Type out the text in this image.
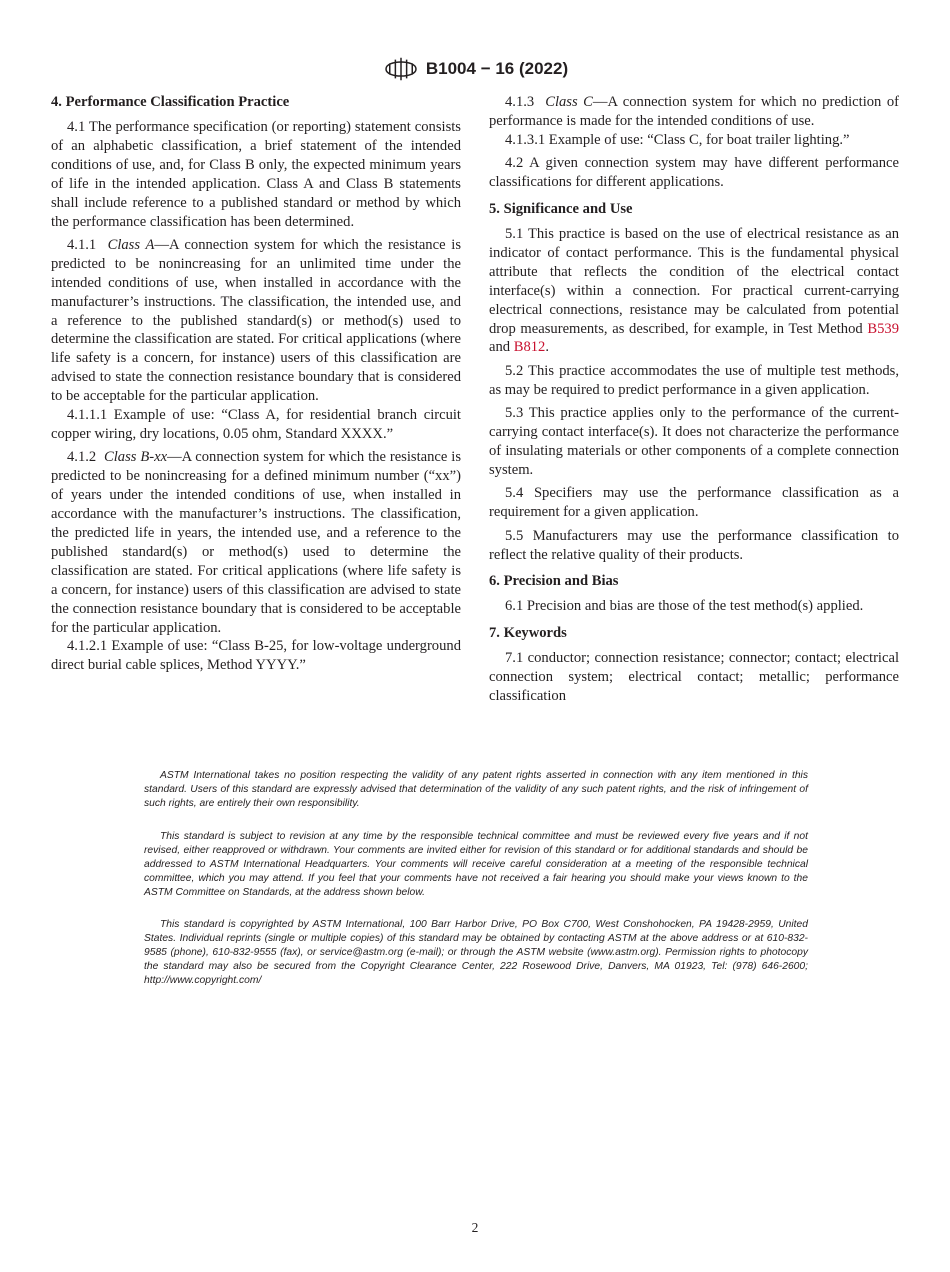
B1004 − 16 (2022)
4. Performance Classification Practice

4.1 The performance specification (or reporting) statement consists of an alphabetic classification, a brief statement of the intended conditions of use, and, for Class B only, the expected minimum years of life in the intended application. Class A and Class B statements shall include reference to a published standard or method by which the performance classification has been determined.

4.1.1 Class A—A connection system for which the resistance is predicted to be nonincreasing for an unlimited time under the intended conditions of use, when installed in accordance with the manufacturer’s instructions. The classification, the intended use, and a reference to the published standard(s) or method(s) used to determine the classification are stated. For critical applications (where life safety is a concern, for instance) users of this classification are advised to state the connection resistance boundary that is considered to be acceptable for the particular application.

4.1.1.1 Example of use: “Class A, for residential branch circuit copper wiring, dry locations, 0.05 ohm, Standard XXXX.”

4.1.2 Class B-xx—A connection system for which the resistance is predicted to be nonincreasing for a defined minimum number (“xx”) of years under the intended conditions of use, when installed in accordance with the manufacturer’s instructions. The classification, the predicted life in years, the intended use, and a reference to the published standard(s) or method(s) used to determine the classification are stated. For critical applications (where life safety is a concern, for instance) users of this classification are advised to state the connection resistance boundary that is considered to be acceptable for the particular application.

4.1.2.1 Example of use: “Class B-25, for low-voltage underground direct burial cable splices, Method YYYY.”

4.1.3 Class C—A connection system for which no prediction of performance is made for the intended conditions of use.

4.1.3.1 Example of use: “Class C, for boat trailer lighting.”

4.2 A given connection system may have different performance classifications for different applications.

5. Significance and Use

5.1 This practice is based on the use of electrical resistance as an indicator of contact performance. This is the fundamental physical attribute that reflects the condition of the electrical contact interface(s) within a connection. For practical current-carrying electrical connections, resistance may be calculated from potential drop measurements, as described, for example, in Test Method B539 and B812.

5.2 This practice accommodates the use of multiple test methods, as may be required to predict performance in a given application.

5.3 This practice applies only to the performance of the current-carrying contact interface(s). It does not characterize the performance of insulating materials or other components of a complete connection system.

5.4 Specifiers may use the performance classification as a requirement for a given application.

5.5 Manufacturers may use the performance classification to reflect the relative quality of their products.

6. Precision and Bias

6.1 Precision and bias are those of the test method(s) applied.

7. Keywords

7.1 conductor; connection resistance; connector; contact; electrical connection system; electrical contact; metallic; performance classification

ASTM International takes no position respecting the validity of any patent rights asserted in connection with any item mentioned in this standard. Users of this standard are expressly advised that determination of the validity of any such patent rights, and the risk of infringement of such rights, are entirely their own responsibility.

This standard is subject to revision at any time by the responsible technical committee and must be reviewed every five years and if not revised, either reapproved or withdrawn. Your comments are invited either for revision of this standard or for additional standards and should be addressed to ASTM International Headquarters. Your comments will receive careful consideration at a meeting of the responsible technical committee, which you may attend. If you feel that your comments have not received a fair hearing you should make your views known to the ASTM Committee on Standards, at the address shown below.

This standard is copyrighted by ASTM International, 100 Barr Harbor Drive, PO Box C700, West Conshohocken, PA 19428-2959, United States. Individual reprints (single or multiple copies) of this standard may be obtained by contacting ASTM at the above address or at 610-832-9585 (phone), 610-832-9555 (fax), or service@astm.org (e-mail); or through the ASTM website (www.astm.org). Permission rights to photocopy the standard may also be secured from the Copyright Clearance Center, 222 Rosewood Drive, Danvers, MA 01923, Tel: (978) 646-2600; http://www.copyright.com/

2
